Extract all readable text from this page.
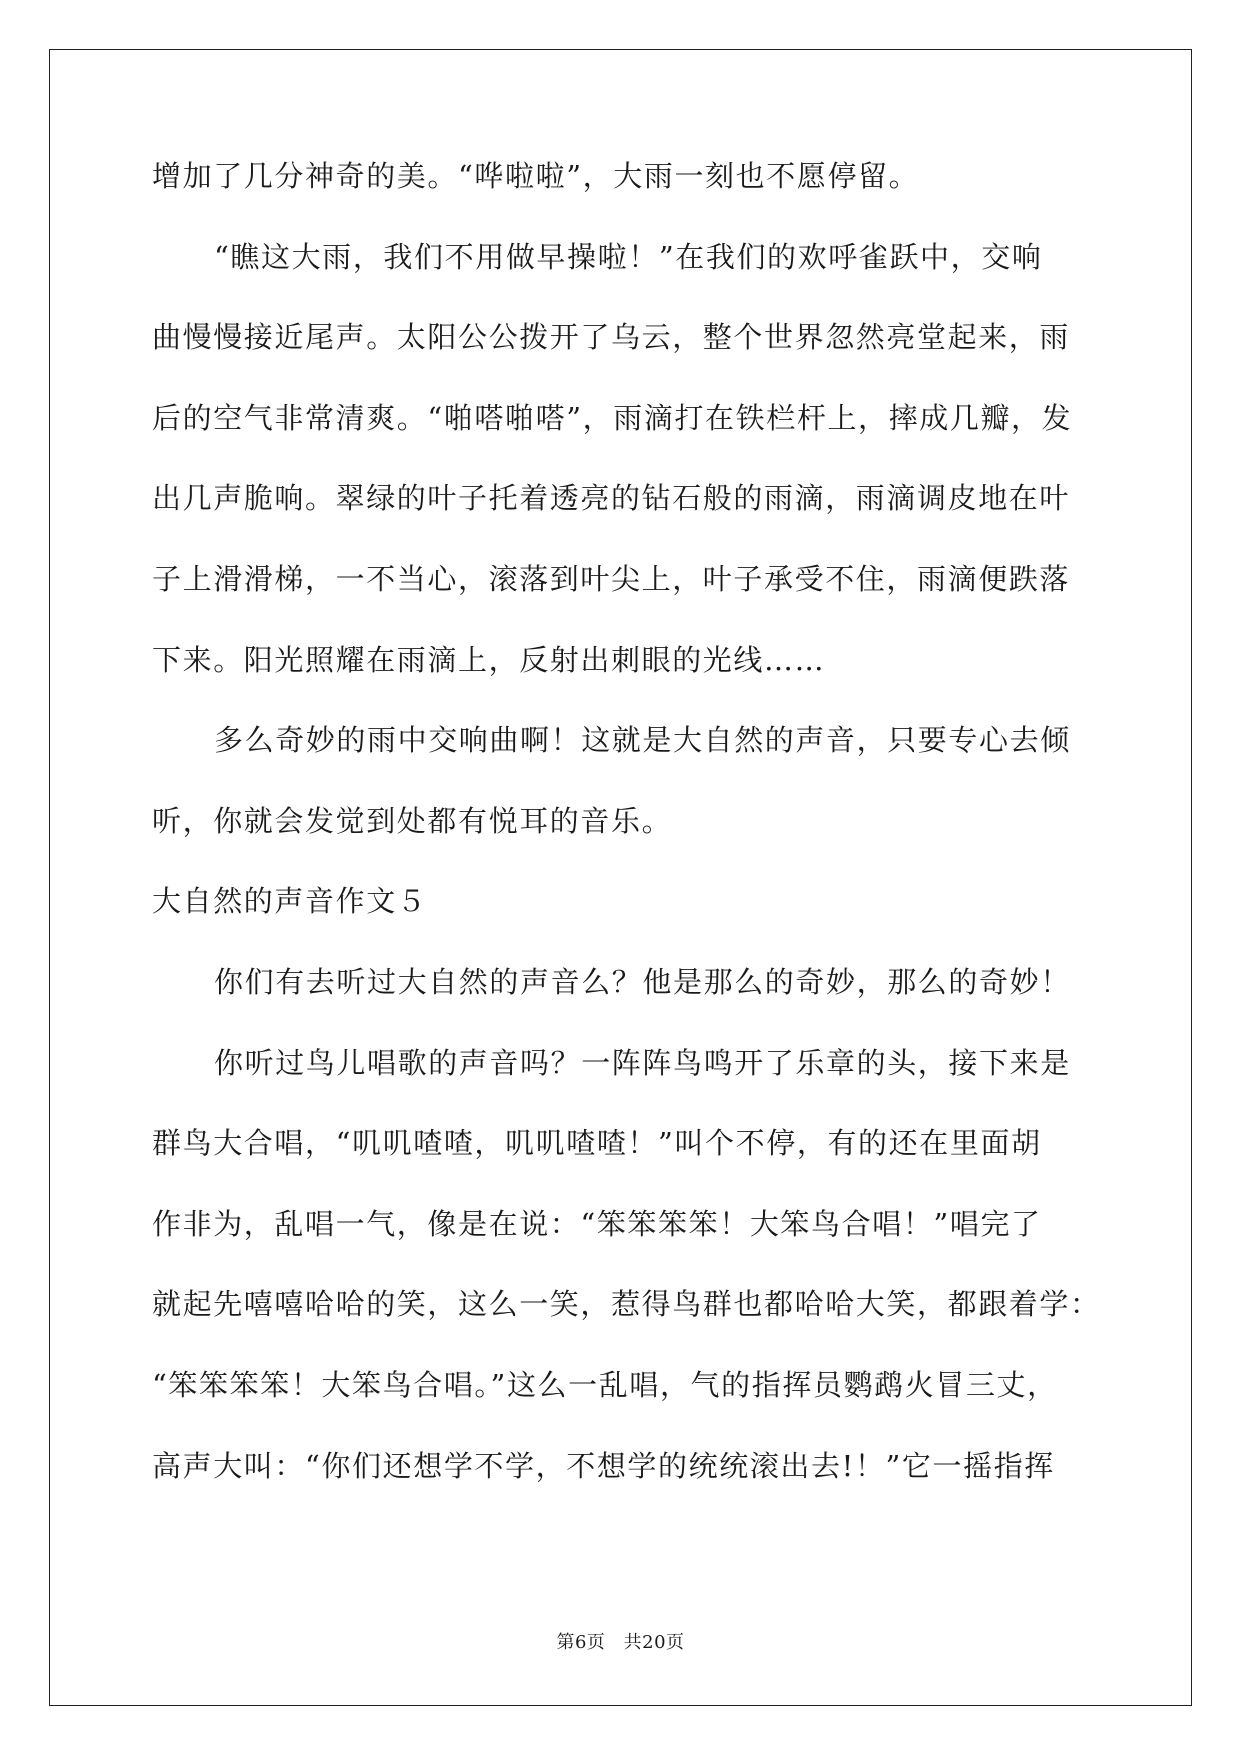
增加了几分神奇的美。“哗啦啦”，大雨一刻也不愿停留。
“瞧这大雨，我们不用做早操啦！”在我们的欢呼雀跃中，交响
曲慢慢接近尾声。太阳公公拨开了乌云，整个世界忽然亮堂起来，雨
后的空气非常清爽。“啪嗒啪嗒”，雨滴打在铁栏杆上，摔成几瓣，发
出几声脆响。翠绿的叶子托着透亮的钻石般的雨滴，雨滴调皮地在叶
子上滑滑梯，一不当心，滚落到叶尖上，叶子承受不住，雨滴便跌落
下来。阳光照耀在雨滴上，反射出刺眼的光线……
多么奇妙的雨中交响曲啊！这就是大自然的声音，只要专心去倾
听，你就会发觉到处都有悦耳的音乐。
大自然的声音作文５
你们有去听过大自然的声音么？他是那么的奇妙，那么的奇妙！
你听过鸟儿唱歌的声音吗？一阵阵鸟鸣开了乐章的头，接下来是
群鸟大合唱，“叽叽喳喳，叽叽喳喳！”叫个不停，有的还在里面胡
作非为，乱唱一气，像是在说：“笨笨笨笨！大笨鸟合唱！”唱完了
就起先嘻嘻哈哈的笑，这么一笑，惹得鸟群也都哈哈大笑，都跟着学：
“笨笨笨笨！大笨鸟合唱。”这么一乱唱，气的指挥员鹦鹉火冒三丈，
高声大叫：“你们还想学不学，不想学的统统滚出去!！”它一摇指挥
第6页 共20页
